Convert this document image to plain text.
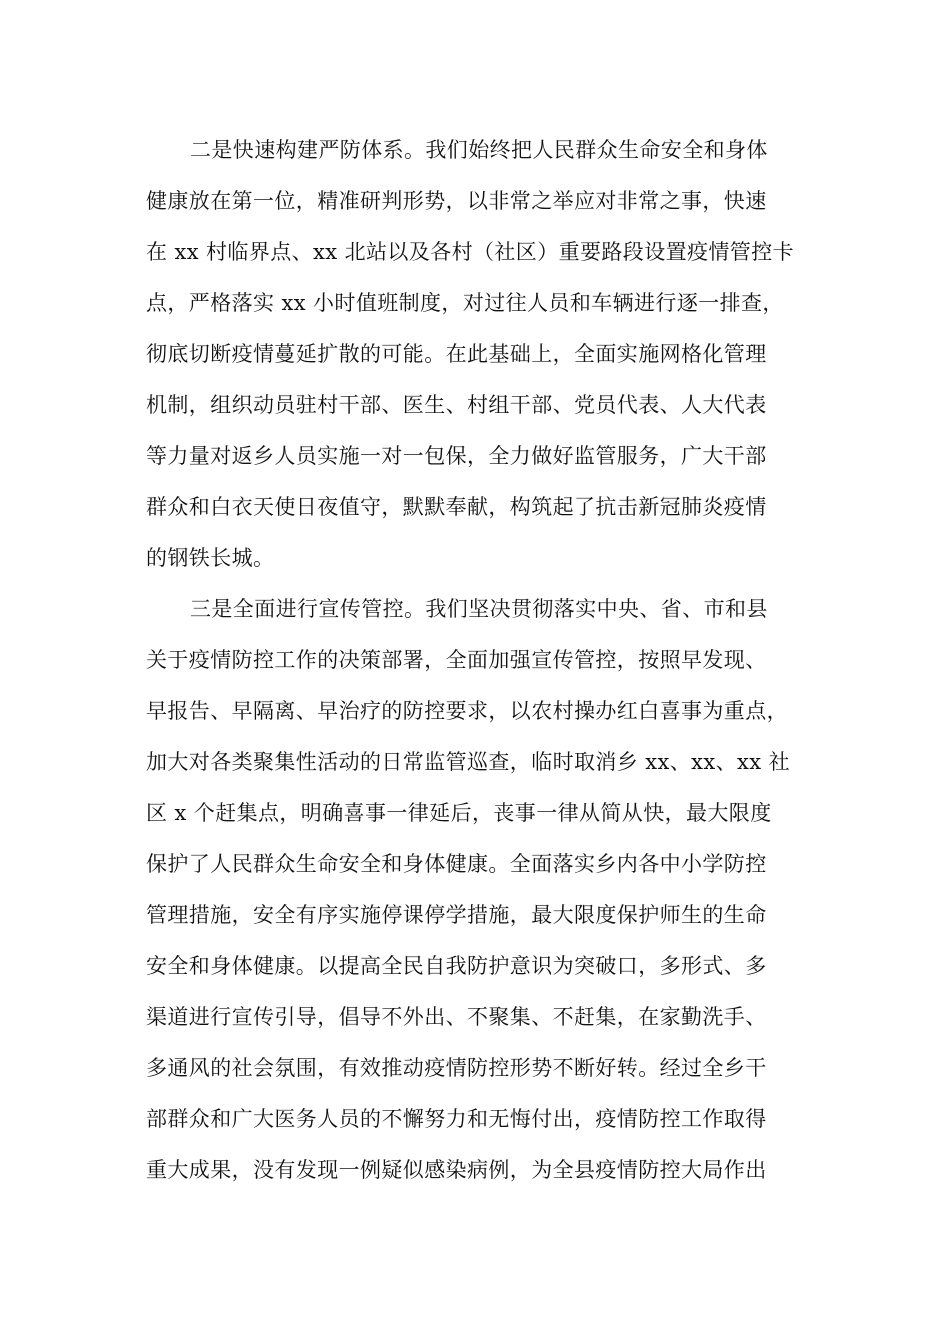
二是快速构建严防体系。我们始终把人民群众生命安全和身体
健康放在第一位，精准研判形势，以非常之举应对非常之事，快速
在 xx 村临界点、xx 北站以及各村（社区）重要路段设置疫情管控卡
点，严格落实 xx 小时值班制度，对过往人员和车辆进行逐一排查，
彻底切断疫情蔓延扩散的可能。在此基础上，全面实施网格化管理
机制，组织动员驻村干部、医生、村组干部、党员代表、人大代表
等力量对返乡人员实施一对一包保，全力做好监管服务，广大干部
群众和白衣天使日夜值守，默默奉献，构筑起了抗击新冠肺炎疫情
的钢铁长城。
三是全面进行宣传管控。我们坚决贯彻落实中央、省、市和县
关于疫情防控工作的决策部署，全面加强宣传管控，按照早发现、
早报告、早隔离、早治疗的防控要求，以农村操办红白喜事为重点，
加大对各类聚集性活动的日常监管巡查，临时取消乡 xx、xx、xx 社
区 x 个赶集点，明确喜事一律延后，丧事一律从简从快，最大限度
保护了人民群众生命安全和身体健康。全面落实乡内各中小学防控
管理措施，安全有序实施停课停学措施，最大限度保护师生的生命
安全和身体健康。以提高全民自我防护意识为突破口，多形式、多
渠道进行宣传引导，倡导不外出、不聚集、不赶集，在家勤洗手、
多通风的社会氛围，有效推动疫情防控形势不断好转。经过全乡干
部群众和广大医务人员的不懈努力和无悔付出，疫情防控工作取得
重大成果，没有发现一例疑似感染病例，为全县疫情防控大局作出
